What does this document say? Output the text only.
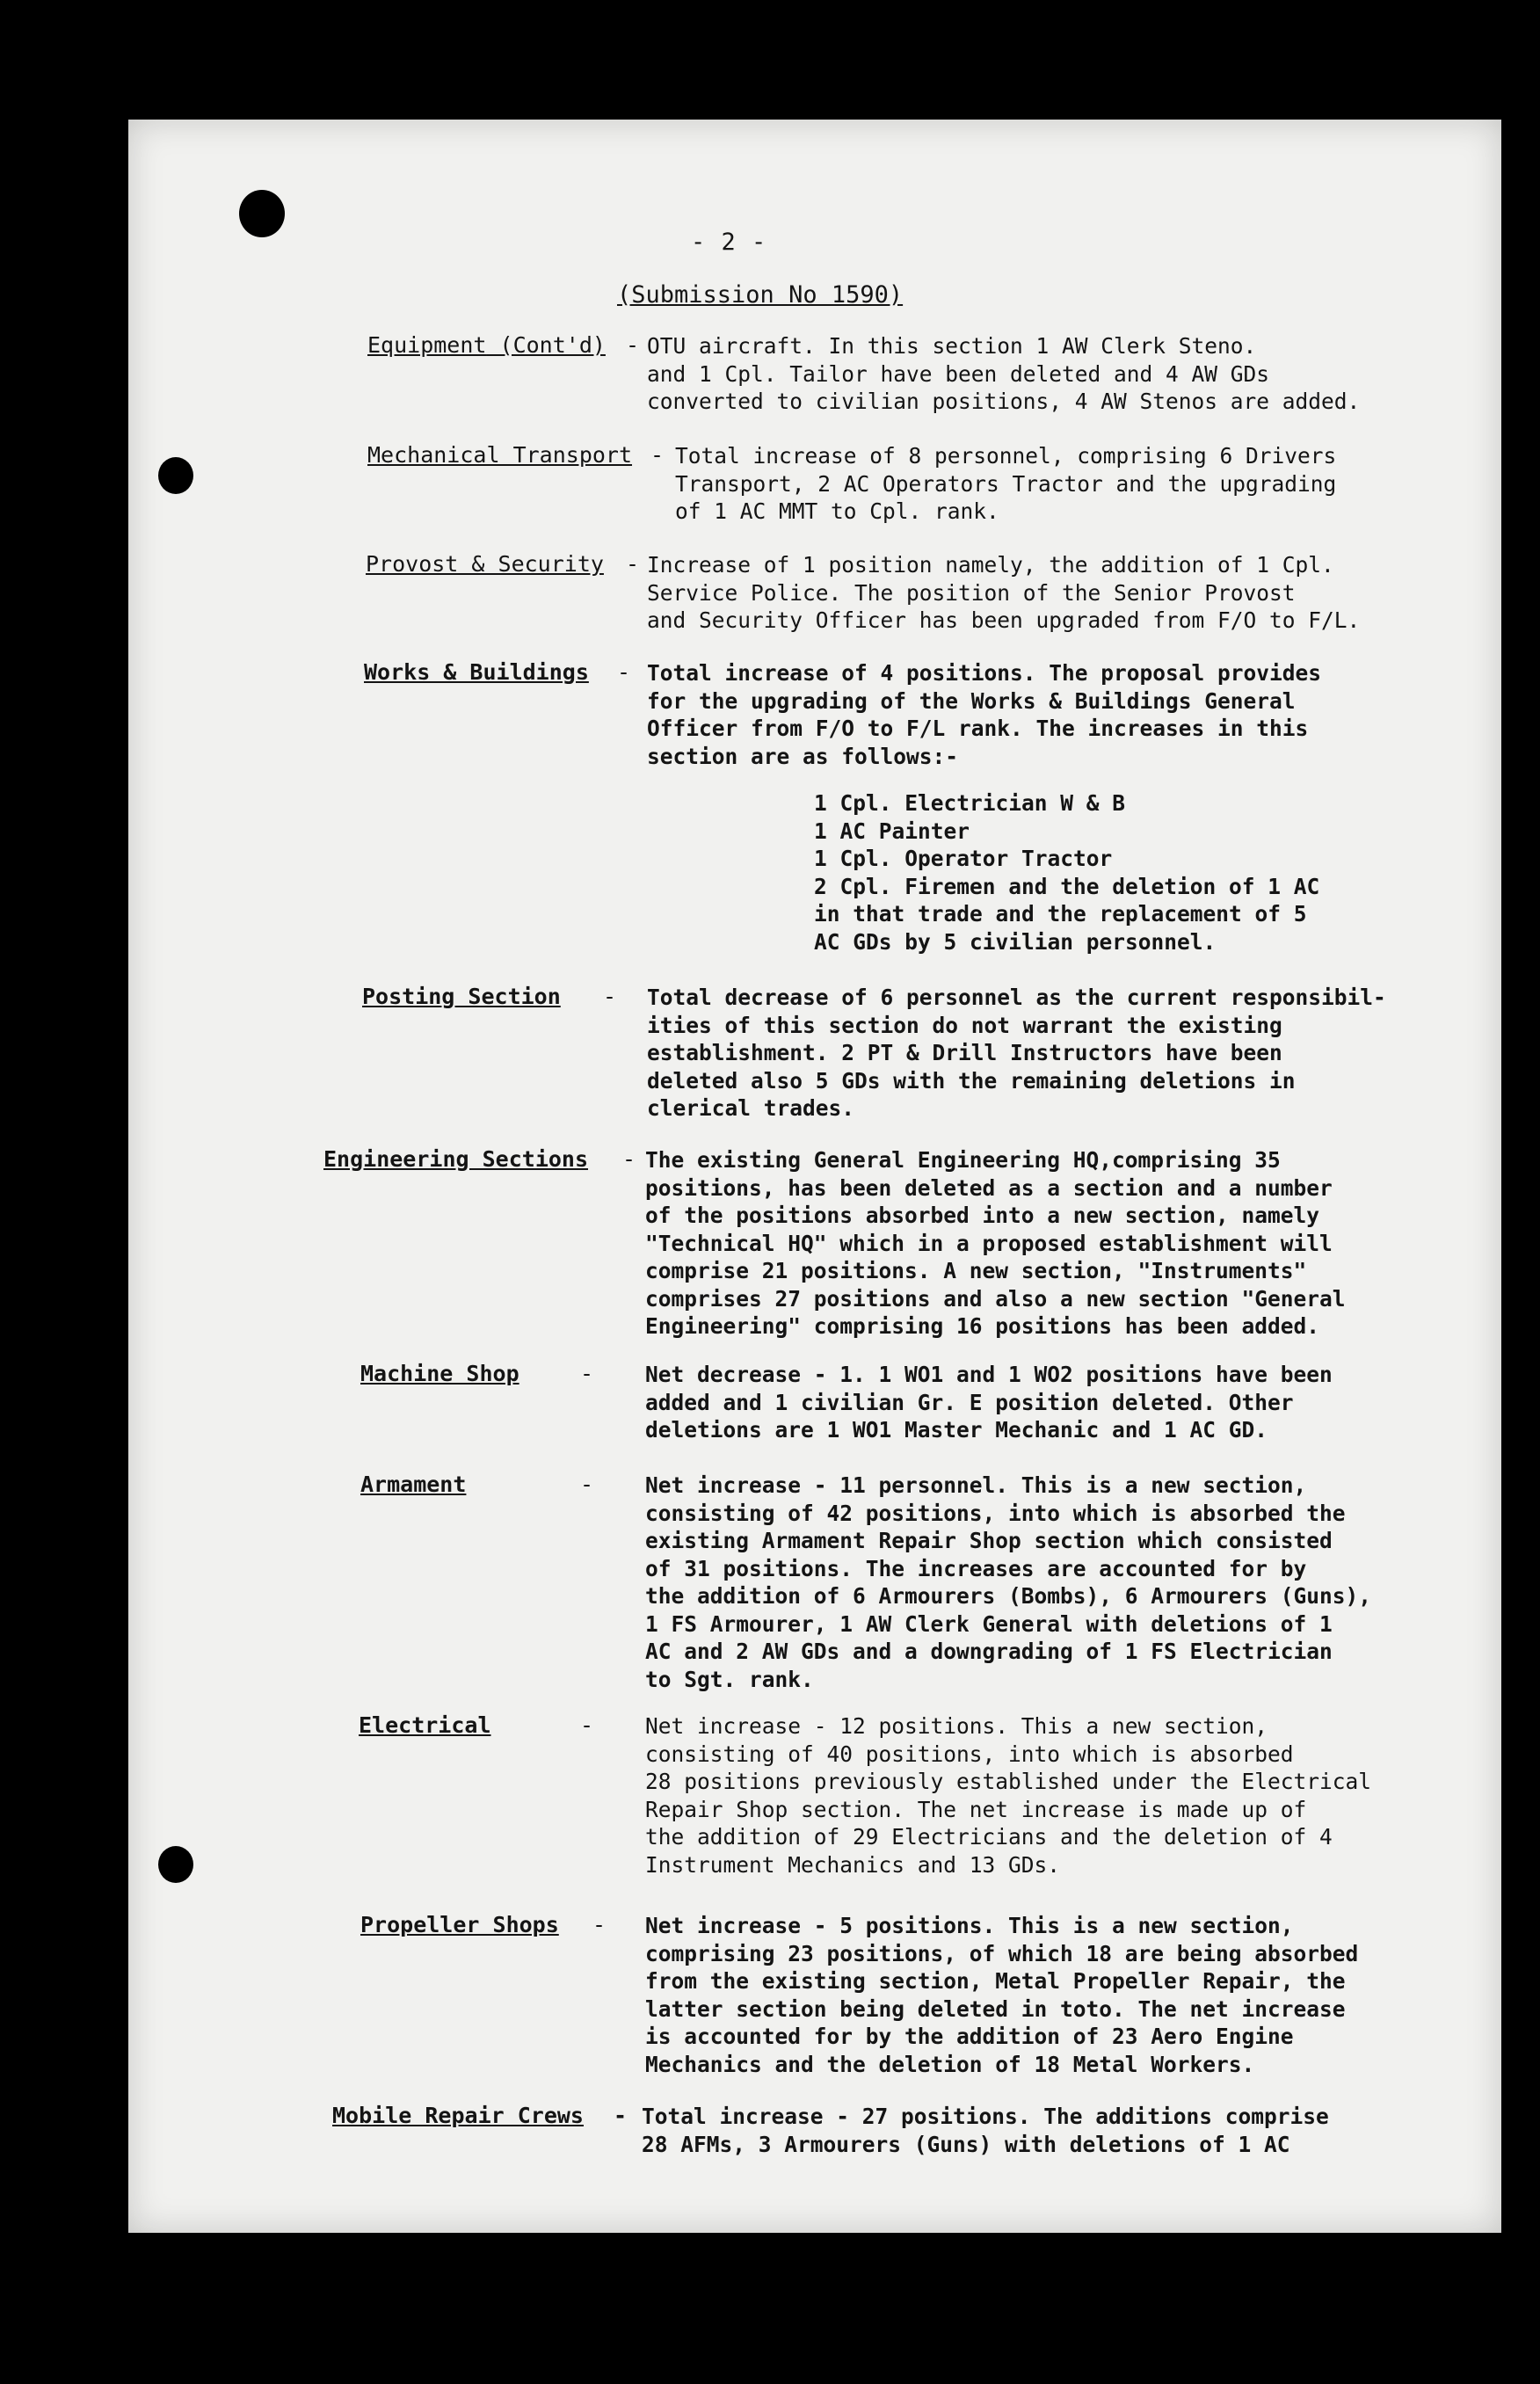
- 2 -
(Submission No 1590)
Equipment (Cont'd) - OTU aircraft. In this section 1 AW Clerk Steno.
and 1 Cpl. Tailor have been deleted and 4 AW GDs
converted to civilian positions, 4 AW Stenos are added.
Mechanical Transport - Total increase of 8 personnel, comprising 6 Drivers
Transport, 2 AC Operators Tractor and the upgrading
of 1 AC MMT to Cpl. rank.
Provost & Security - Increase of 1 position namely, the addition of 1 Cpl.
Service Police. The position of the Senior Provost
and Security Officer has been upgraded from F/O to F/L.
Works & Buildings - Total increase of 4 positions. The proposal provides
for the upgrading of the Works & Buildings General
Officer from F/O to F/L rank. The increases in this
section are as follows:-
1 Cpl. Electrician W & B
1 AC Painter
1 Cpl. Operator Tractor
2 Cpl. Firemen and the deletion of 1 AC
in that trade and the replacement of 5
AC GDs by 5 civilian personnel.
Posting Section - Total decrease of 6 personnel as the current responsibil-
ities of this section do not warrant the existing
establishment. 2 PT & Drill Instructors have been
deleted also 5 GDs with the remaining deletions in
clerical trades.
Engineering Sections - The existing General Engineering HQ,comprising 35
positions, has been deleted as a section and a number
of the positions absorbed into a new section, namely
"Technical HQ" which in a proposed establishment will
comprise 21 positions. A new section, "Instruments"
comprises 27 positions and also a new section "General
Engineering" comprising 16 positions has been added.
Machine Shop	- Net decrease - 1. 1 WO1 and 1 WO2 positions have been
added and 1 civilian Gr. E position deleted. Other
deletions are 1 WO1 Master Mechanic and 1 AC GD.
Armament	- Net increase - 11 personnel. This is a new section,
consisting of 42 positions, into which is absorbed the
existing Armament Repair Shop section which consisted
of 31 positions. The increases are accounted for by
the addition of 6 Armourers (Bombs), 6 Armourers (Guns),
1 FS Armourer, 1 AW Clerk General with deletions of 1
AC and 2 AW GDs and a downgrading of 1 FS Electrician
to Sgt. rank.
Electrical	- Net increase - 12 positions. This a new section,
consisting of 40 positions, into which is absorbed
28 positions previously established under the Electrical
Repair Shop section. The net increase is made up of
the addition of 29 Electricians and the deletion of 4
Instrument Mechanics and 13 GDs.
Propeller Shops - Net increase - 5 positions. This is a new section,
comprising 23 positions, of which 18 are being absorbed
from the existing section, Metal Propeller Repair, the
latter section being deleted in toto. The net increase
is accounted for by the addition of 23 Aero Engine
Mechanics and the deletion of 18 Metal Workers.
Mobile Repair Crews - Total increase - 27 positions. The additions comprise
28 AFMs, 3 Armourers (Guns) with deletions of 1 AC
